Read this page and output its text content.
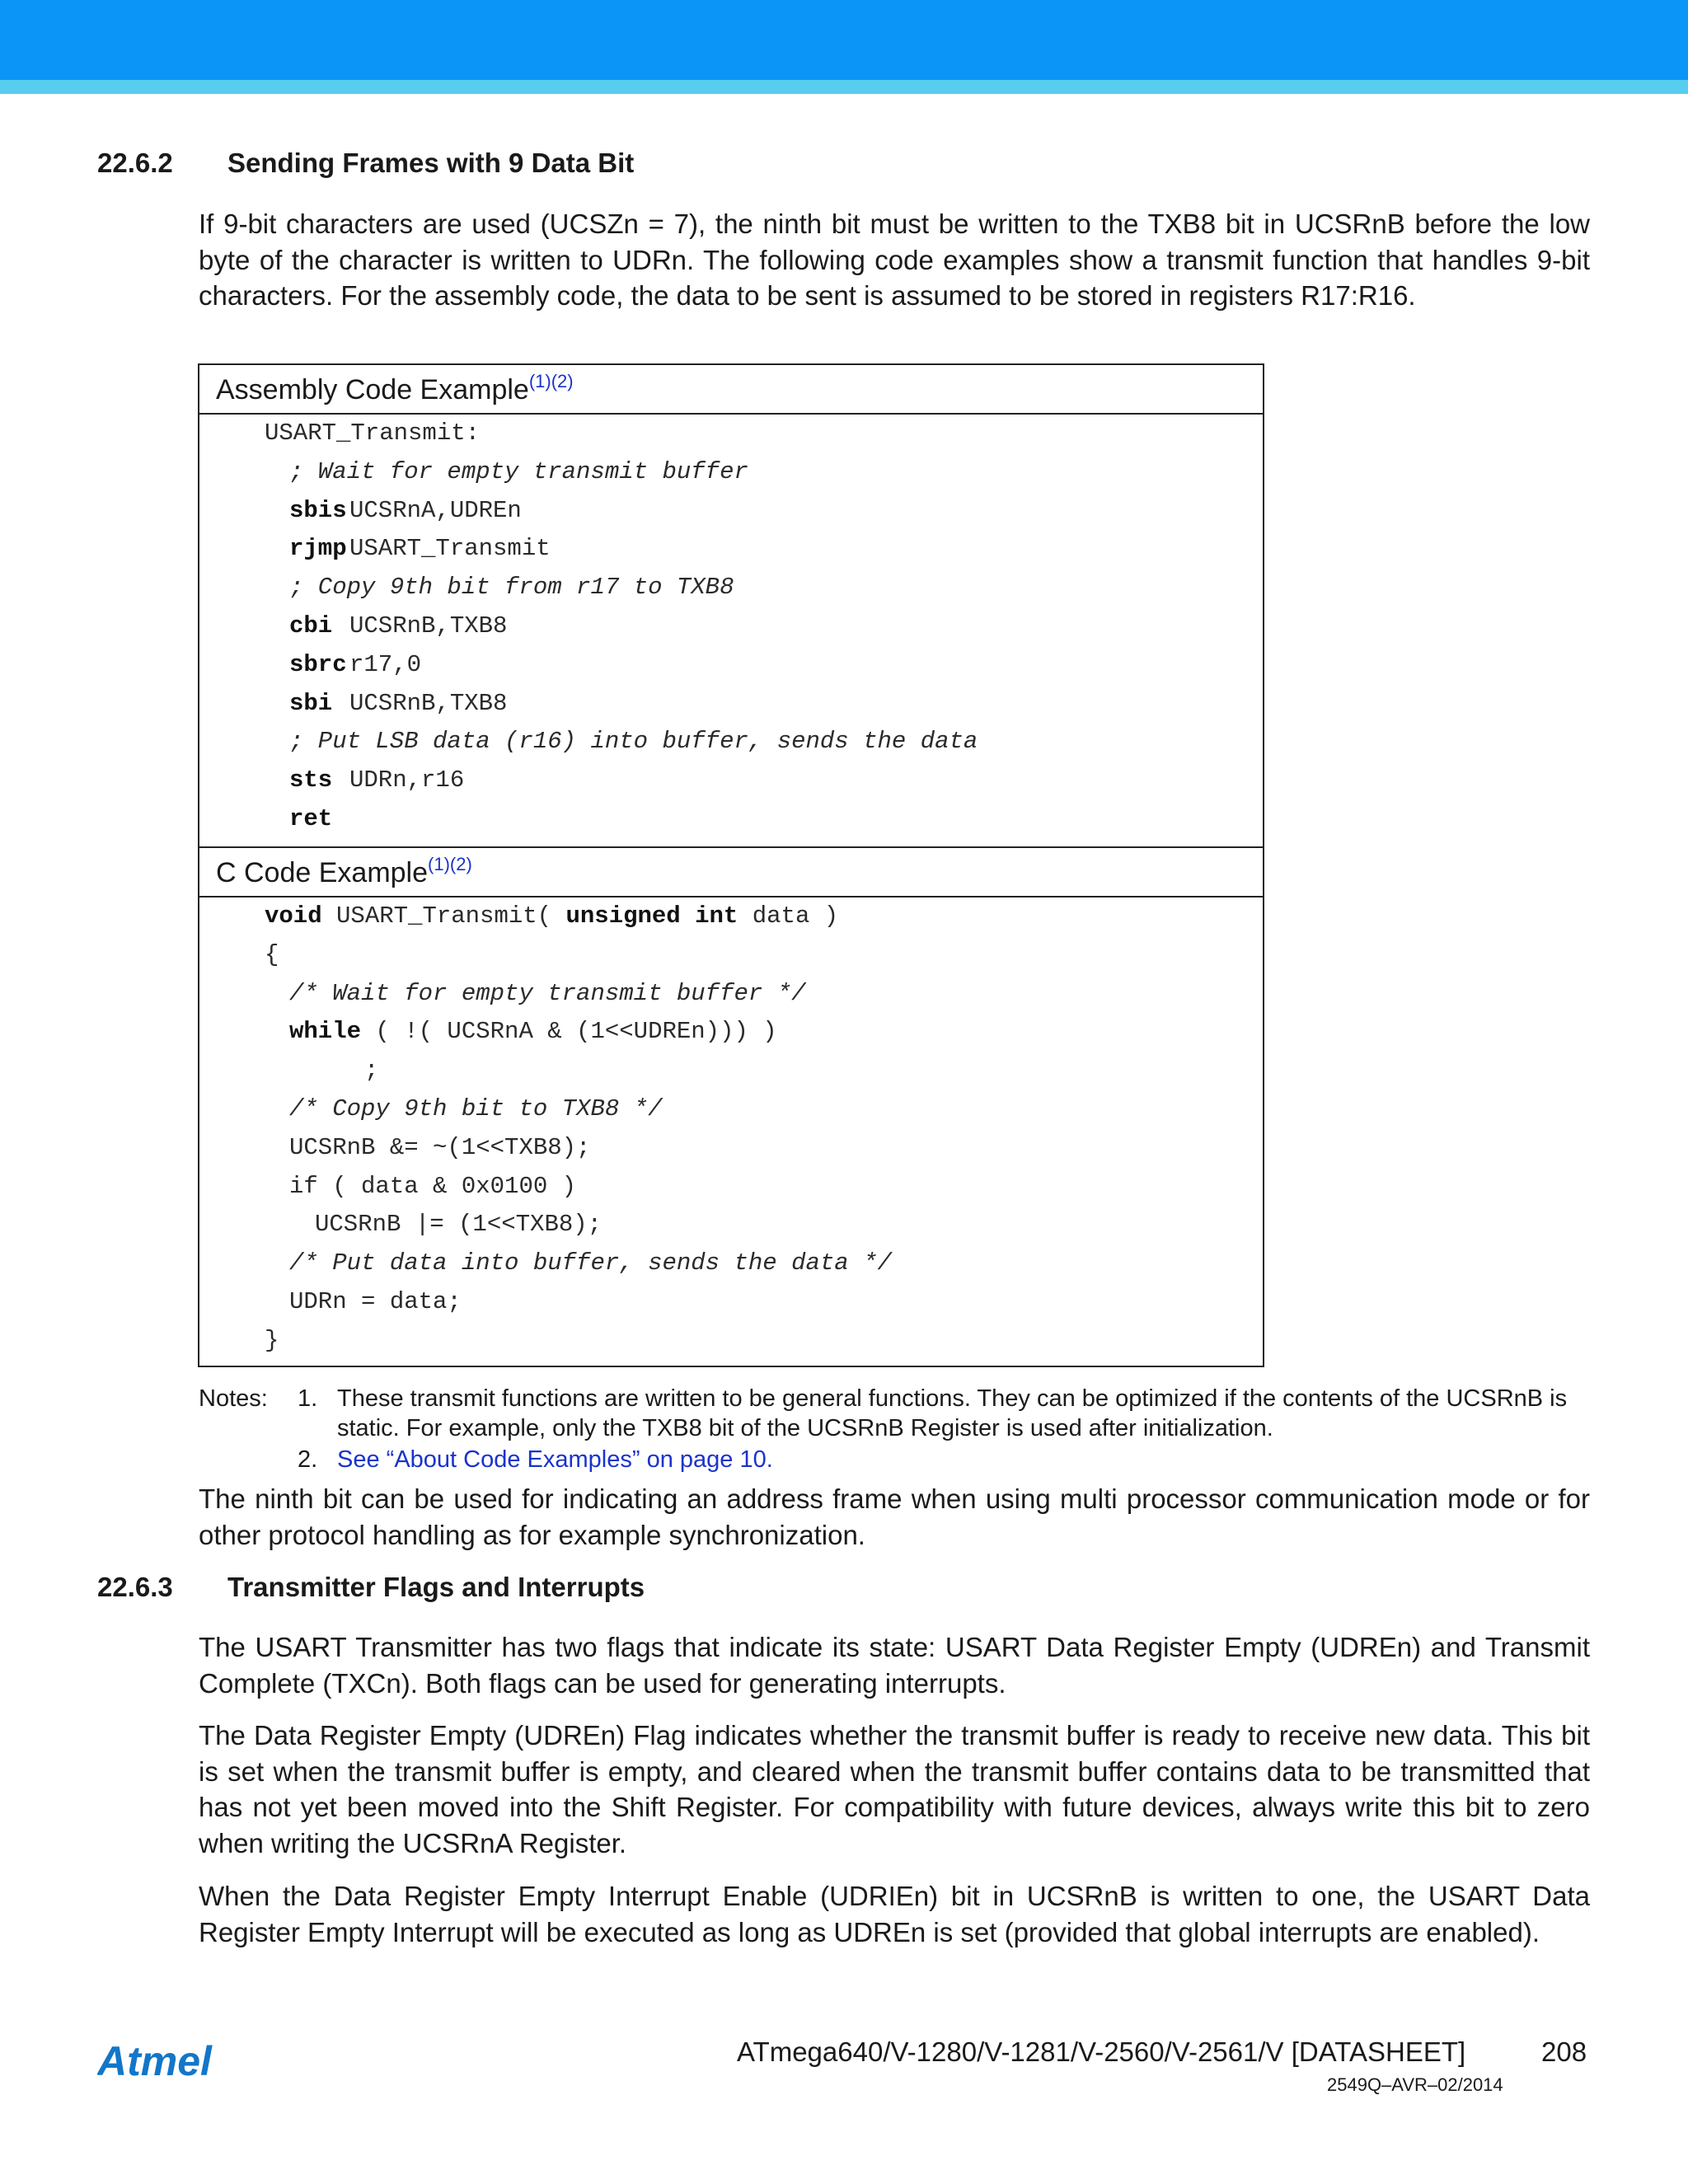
22.6.2 Sending Frames with 9 Data Bit
If 9-bit characters are used (UCSZn = 7), the ninth bit must be written to the TXB8 bit in UCSRnB before the low byte of the character is written to UDRn. The following code examples show a transmit function that handles 9-bit characters. For the assembly code, the data to be sent is assumed to be stored in registers R17:R16.
Assembly Code Example$^{(1)(2)}$
USART_Transmit:
; Wait for empty transmit buffer
sbis UCSRnA,UDREn
rjmp USART_Transmit
; Copy 9th bit from r17 to TXB8
cbi UCSRnB,TXB8
sbrc r17,0
sbi UCSRnB,TXB8
; Put LSB data (r16) into buffer, sends the data
sts UDRn,r16
ret
C Code Example$^{(1)(2)}$
void USART_Transmit( unsigned int data )
{
/* Wait for empty transmit buffer */
while ( !( UCSRnA & (1<<UDREn))) )
;
/* Copy 9th bit to TXB8 */
UCSRnB &= ~(1<<TXB8);
if ( data & 0x0100 )
UCSRnB |= (1<<TXB8);
/* Put data into buffer, sends the data */
UDRn = data;
}
Notes: 1. These transmit functions are written to be general functions. They can be optimized if the contents of the UCSRnB is static. For example, only the TXB8 bit of the UCSRnB Register is used after initialization.
2. See “About Code Examples” on page 10.
The ninth bit can be used for indicating an address frame when using multi processor communication mode or for other protocol handling as for example synchronization.
22.6.3 Transmitter Flags and Interrupts
The USART Transmitter has two flags that indicate its state: USART Data Register Empty (UDREn) and Transmit Complete (TXCn). Both flags can be used for generating interrupts.
The Data Register Empty (UDREn) Flag indicates whether the transmit buffer is ready to receive new data. This bit is set when the transmit buffer is empty, and cleared when the transmit buffer contains data to be transmitted that has not yet been moved into the Shift Register. For compatibility with future devices, always write this bit to zero when writing the UCSRnA Register.
When the Data Register Empty Interrupt Enable (UDRIEn) bit in UCSRnB is written to one, the USART Data Register Empty Interrupt will be executed as long as UDREn is set (provided that global interrupts are enabled).
Atmel	ATmega640/V-1280/V-1281/V-2560/V-2561/V [DATASHEET]	208
2549Q–AVR–02/2014
